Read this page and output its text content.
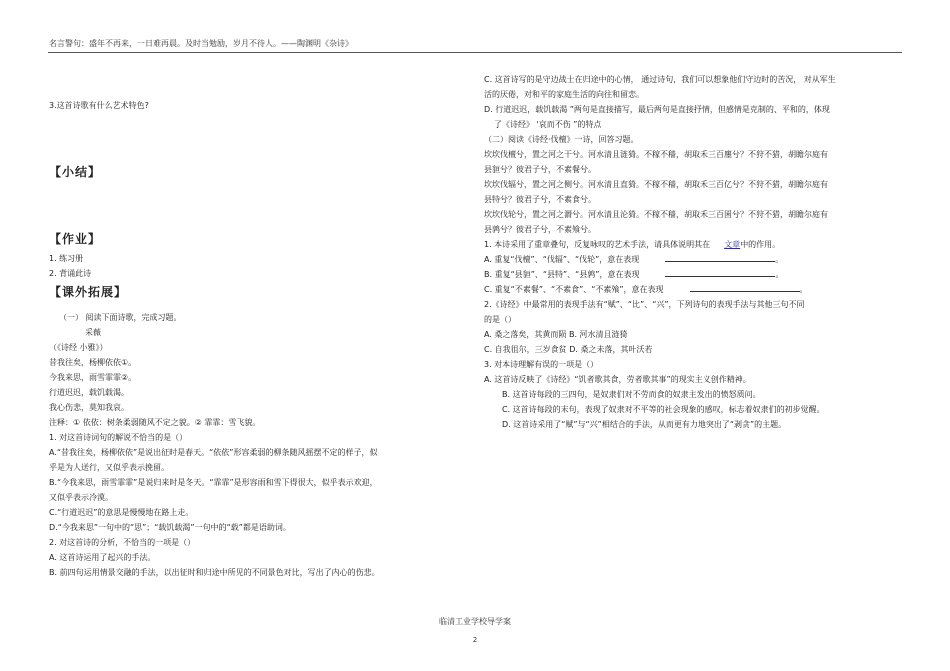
名言警句：盛年不再来，一日难再晨。及时当勉励，岁月不待人。——陶渊明《杂诗》

3.这首诗歌有什么艺术特色?

【小结】

【作业】

1. 练习册

2. 背诵此诗

【课外拓展】

（一） 阅读下面诗歌，完成习题。

采薇

（《诗经 小雅》）

昔我往矣，杨柳依依①。

今我来思，雨雪霏霏②。

行道迟迟，载饥载渴。

我心伤悲，莫知我哀。

注释：① 依依：树条柔弱随风不定之貌。② 霏霏：雪飞貌。

1. 对这首诗词句的解说不恰当的是（）

A.“昔我往矣，杨柳依依”是说出征时是春天。“依依”形容柔弱的柳条随风摇摆不定的样子，似

乎是为人送行，又似乎表示挽留。

B.“今我来思，雨雪霏霏”是说归来时是冬天。“霏霏”是形容雨和雪下得很大，似乎表示欢迎，

又似乎表示冷漠。

C.“行道迟迟”的意思是慢慢地在路上走。

D.“今我来思”一句中的“思”；“载饥载渴”一句中的“载”都是语助词。

2. 对这首诗的分析，不恰当的一项是（）

A. 这首诗运用了起兴的手法。

B. 前四句运用情景交融的手法，以出征时和归途中所见的不同景色对比，写出了内心的伤悲。

C. 这首诗写的是守边战士在归途中的心情， 通过诗句，我们可以想象他们守边时的苦况， 对从军生

活的厌倦，对和平的家庭生活的向往和留恋。

D. 行道迟迟，载饥载渴 ”两句是直接描写，最后两句是直接抒情，但感情是克制的、平和的，体现

了《诗经》 '哀而不伤 ”的特点

（二）阅读《诗经·伐檀》一诗，回答习题。

坎坎伐檀兮，置之河之干兮。河水清且涟猗。不稼不穑，胡取禾三百廛兮？不狩不猎，胡瞻尔庭有

县貆兮？彼君子兮，不素餐兮。

坎坎伐辐兮，置之河之侧兮。河水清且直猗。不稼不穑，胡取禾三百亿兮？不狩不猎，胡瞻尔庭有

县特兮？彼君子兮，不素食兮。

坎坎伐轮兮，置之河之漘兮。河水清且沦猗。不稼不穑，胡取禾三百囷兮？不狩不猎，胡瞻尔庭有

县鹑兮？彼君子兮，不素飧兮。

1. 本诗采用了重章叠句，反复咏叹的艺术手法，请具体说明其在 文章中的作用。

A. 重复“伐檀”、“伐辐”、“伐轮”，意在表现	。

B. 重复“县貆”、“县特”、“县鹑”，意在表现	。

C. 重复“不素餐”、“不素食”、“不素飧”，意在表现	。

2.《诗经》中最常用的表现手法有“赋”、“比”、“兴”，下列诗句的表现手法与其他三句不同

的是（）

A. 桑之落矣，其黄而陨 B. 河水清且涟猗

C. 自我徂尔，三岁食贫 D. 桑之未落，其叶沃若

3. 对本诗理解有误的一项是（）

A. 这首诗反映了《诗经》“饥者歌其食，劳者歌其事”的现实主义创作精神。

B. 这首诗每段的三四句，是奴隶们对不劳而食的奴隶主发出的愤怒质问。

C. 这首诗每段的末句，表现了奴隶对不平等的社会现象的感叹，标志着奴隶们的初步觉醒。

D. 这首诗采用了“赋”与“兴”相结合的手法，从而更有力地突出了“剥贪”的主题。

临清工业学校导学案
2
